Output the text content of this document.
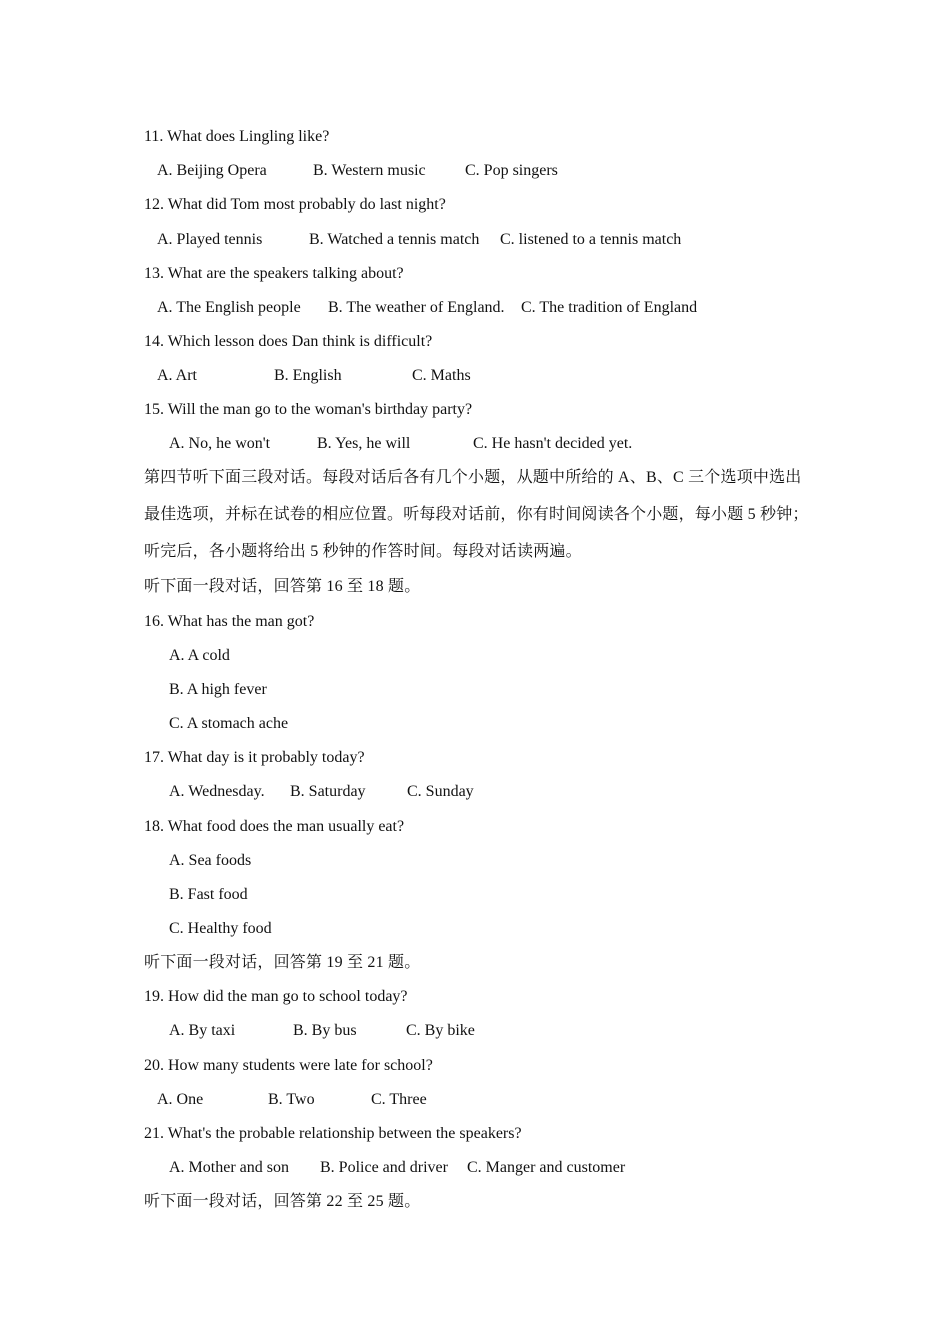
11. What does Lingling like?
A. Beijing Opera	B. Western music C. Pop singers
12. What did Tom most probably do last night?
A. Played tennis	B. Watched a tennis match C. listened to a tennis match
13. What are the speakers talking about?
A. The English people B. The weather of England. C. The tradition of England
14. Which lesson does Dan think is difficult?
A. Art	B. English	C. Maths
15. Will the man go to the woman's birthday party?
A. No, he won't	B. Yes, he will	C. He hasn't decided yet.
第四节听下面三段对话。每段对话后各有几个小题，从题中所给的 A、B、C 三个选项中选出
最佳选项，并标在试卷的相应位置。听每段对话前，你有时间阅读各个小题，每小题 5 秒钟；
听完后，各小题将给出 5 秒钟的作答时间。每段对话读两遍。
听下面一段对话，回答第 16 至 18 题。
16. What has the man got?
A. A cold
B. A high fever
C. A stomach ache
17. What day is it probably today?
A. Wednesday. B. Saturday	C. Sunday
18. What food does the man usually eat?
A. Sea foods
B. Fast food
C. Healthy food
听下面一段对话，回答第 19 至 21 题。
19. How did the man go to school today?
A. By taxi	B. By bus	C. By bike
20. How many students were late for school?
A. One	B. Two	C. Three
21. What's the probable relationship between the speakers?
A. Mother and son B. Police and driver C. Manger and customer
听下面一段对话，回答第 22 至 25 题。
